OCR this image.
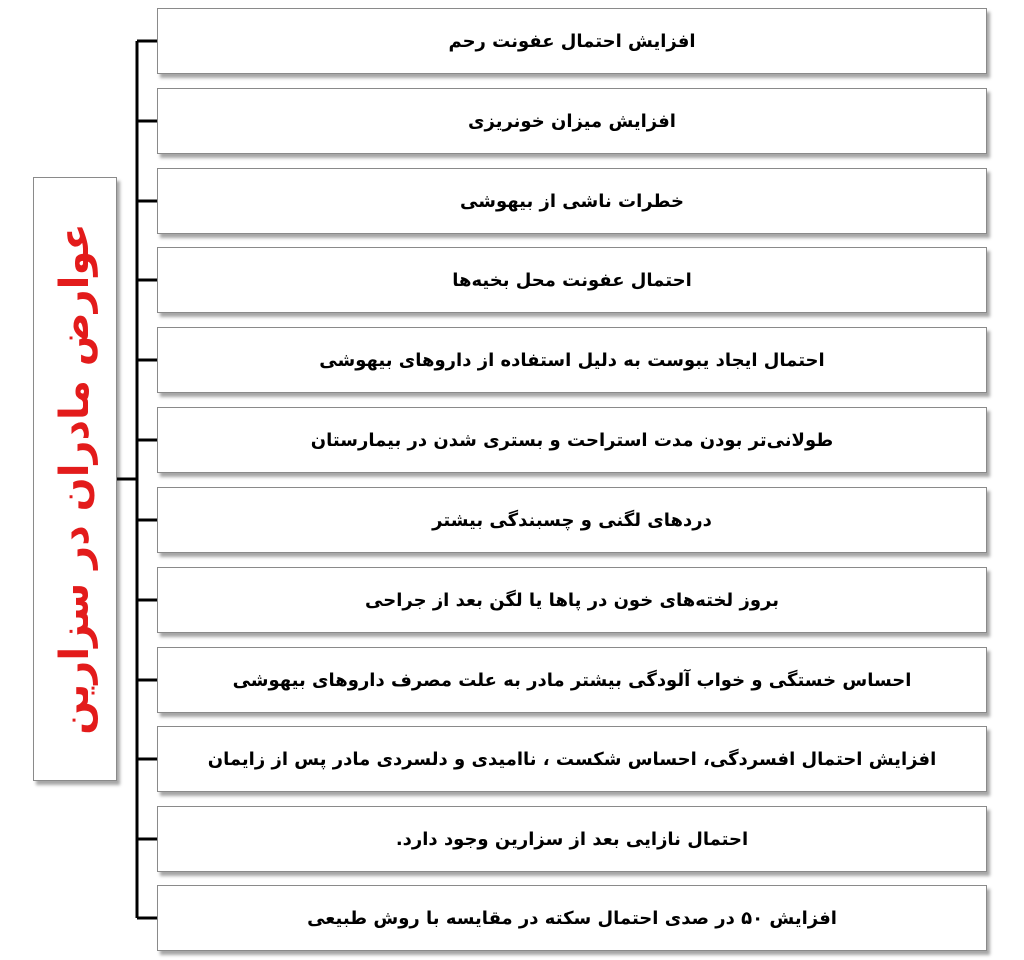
عوارض مادران در سزارین
افزایش احتمال عفونت رحم
افزایش میزان خونریزی
خطرات ناشی از بیهوشی
احتمال عفونت محل بخیه‌ها
احتمال ایجاد یبوست به دلیل استفاده از داروهای بیهوشی
طولانی‌تر بودن مدت استراحت و بستری شدن در بیمارستان
دردهای لگنی و چسبندگی بیشتر
بروز لخته‌های خون در پاها یا لگن بعد از جراحی
احساس خستگی و خواب آلودگی بیشتر مادر به علت مصرف داروهای بیهوشی
افزایش احتمال افسردگی، احساس شکست ، ناامیدی و دلسردی مادر پس از زایمان
احتمال نازایی بعد از سزارین وجود دارد.
افزایش ۵۰ در صدی احتمال سکته در مقایسه با روش طبیعی
